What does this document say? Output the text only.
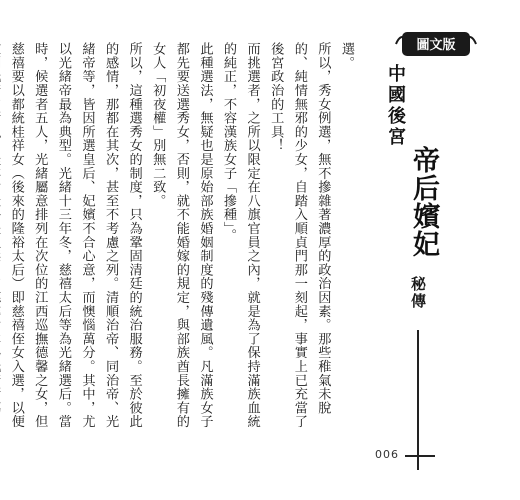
選。

所以，秀女例選，無不摻雜著濃厚的政治因素。那些稚氣未脫的、純情無邪的少女，自踏入順貞門那一刻起，事實上已充當了後宮政治的工具！

而挑選者，之所以限定在八旗官員之內，就是為了保持滿族血統的純正，不容漢族女子「摻種」。

此種選法，無疑也是原始部族婚姻制度的殘傳遺風。凡滿族女子都先要送選秀女，否則，就不能婚嫁的規定，與部族酋長擁有的女人「初夜權」別無二致。

所以，這種選秀女的制度，只為鞏固清廷的統治服務。至於彼此的感情，那都在其次，甚至不考慮之列。清順治帝、同治帝、光緒帝等，皆因所選皇后、妃嬪不合心意，而懊惱萬分。其中，尤以光緒帝最為典型。光緒十三年冬，慈禧太后等為光緒選后。當時，候選者五人，光緒屬意排列在次位的江西巡撫德馨之女，但慈禧要以都統桂祥女（後來的隆裕太后）即慈禧侄女入選，以便

圖文版
中國後宮
帝后嬪妃
秘傳
006
